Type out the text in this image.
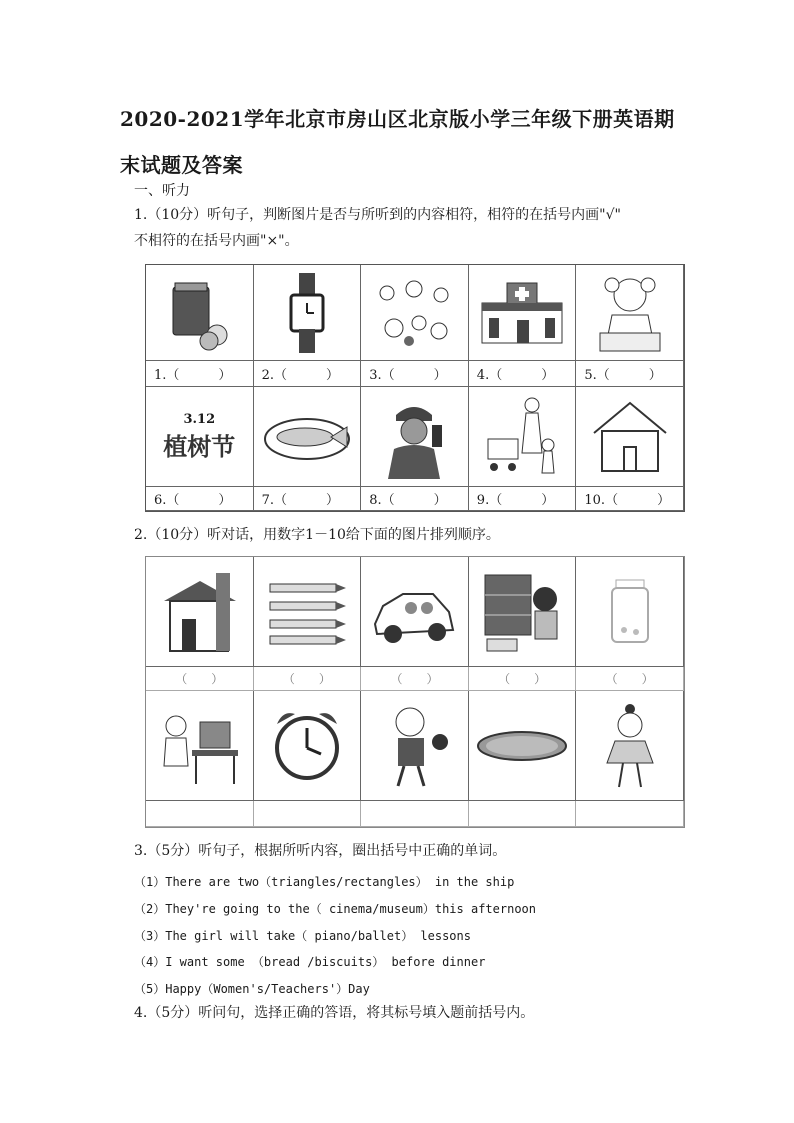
2020-2021学年北京市房山区北京版小学三年级下册英语期
末试题及答案
一、听力
1.（10分）听句子，判断图片是否与所听到的内容相符，相符的在括号内画"√"
不相符的在括号内画"×"。
1.（　　　）	2.（　　　）	3.（　　　）	4.（　　　）	5.（　　　）
3.12
植树节
6.（　　　）	7.（　　　）	8.（　　　）	9.（　　　）	10.（　　　）
2.（10分）听对话，用数字1－10给下面的图片排列顺序。
（　　）	（　　）	（　　）	（　　）	（　　）
3.（5分）听句子，根据所听内容，圈出括号中正确的单词。
（1）There are two（triangles/rectangles） in the ship
（2）They're going to the（ cinema/museum）this afternoon
（3）The girl will take（ piano/ballet） lessons
（4）I want some （bread /biscuits） before dinner
（5）Happy（Women's/Teachers'）Day
4.（5分）听问句，选择正确的答语，将其标号填入题前括号内。
